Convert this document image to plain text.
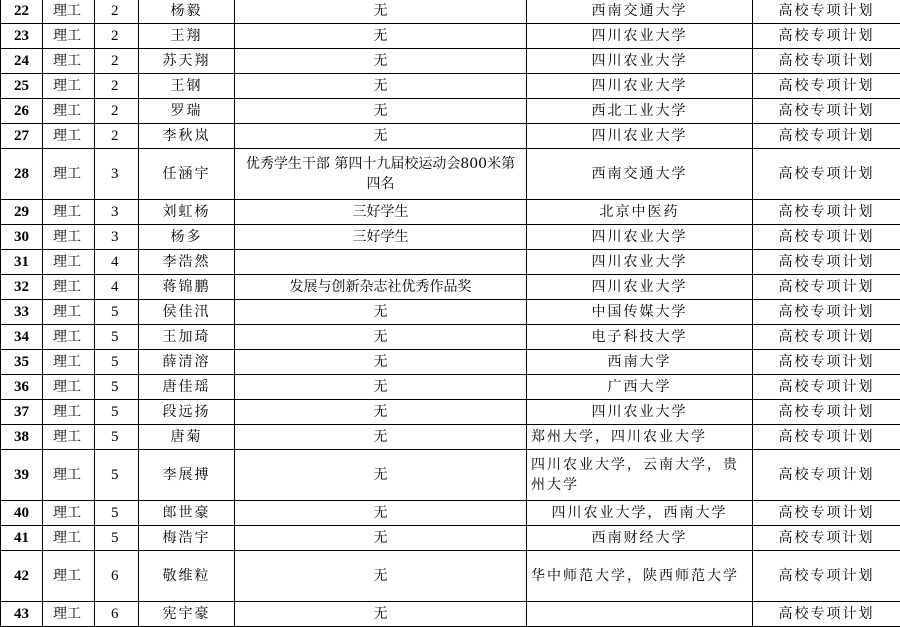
22	理工	2	杨毅	无	西南交通大学	高校专项计划
23	理工	2	王翔	无	四川农业大学	高校专项计划
24	理工	2	苏天翔	无	四川农业大学	高校专项计划
25	理工	2	王钢	无	四川农业大学	高校专项计划
26	理工	2	罗瑞	无	西北工业大学	高校专项计划
27	理工	2	李秋岚	无	四川农业大学	高校专项计划
28	理工	3	任涵宇	优秀学生干部 第四十九届校运动会800米第四名	西南交通大学	高校专项计划
29	理工	3	刘虹杨	三好学生	北京中医药	高校专项计划
30	理工	3	杨多	三好学生	四川农业大学	高校专项计划
31	理工	4	李浩然		四川农业大学	高校专项计划
32	理工	4	蒋锦鹏	发展与创新杂志社优秀作品奖	四川农业大学	高校专项计划
33	理工	5	侯佳汛	无	中国传媒大学	高校专项计划
34	理工	5	王加琦	无	电子科技大学	高校专项计划
35	理工	5	薛清溶	无	西南大学	高校专项计划
36	理工	5	唐佳瑶	无	广西大学	高校专项计划
37	理工	5	段远扬	无	四川农业大学	高校专项计划
38	理工	5	唐菊	无	郑州大学，四川农业大学	高校专项计划
39	理工	5	李展搏	无	四川农业大学，云南大学，贵州大学	高校专项计划
40	理工	5	郎世豪	无	四川农业大学，西南大学	高校专项计划
41	理工	5	梅浩宇	无	西南财经大学	高校专项计划
42	理工	6	敬维粒	无	华中师范大学，陕西师范大学	高校专项计划
43	理工	6	宪宇豪	无		高校专项计划
